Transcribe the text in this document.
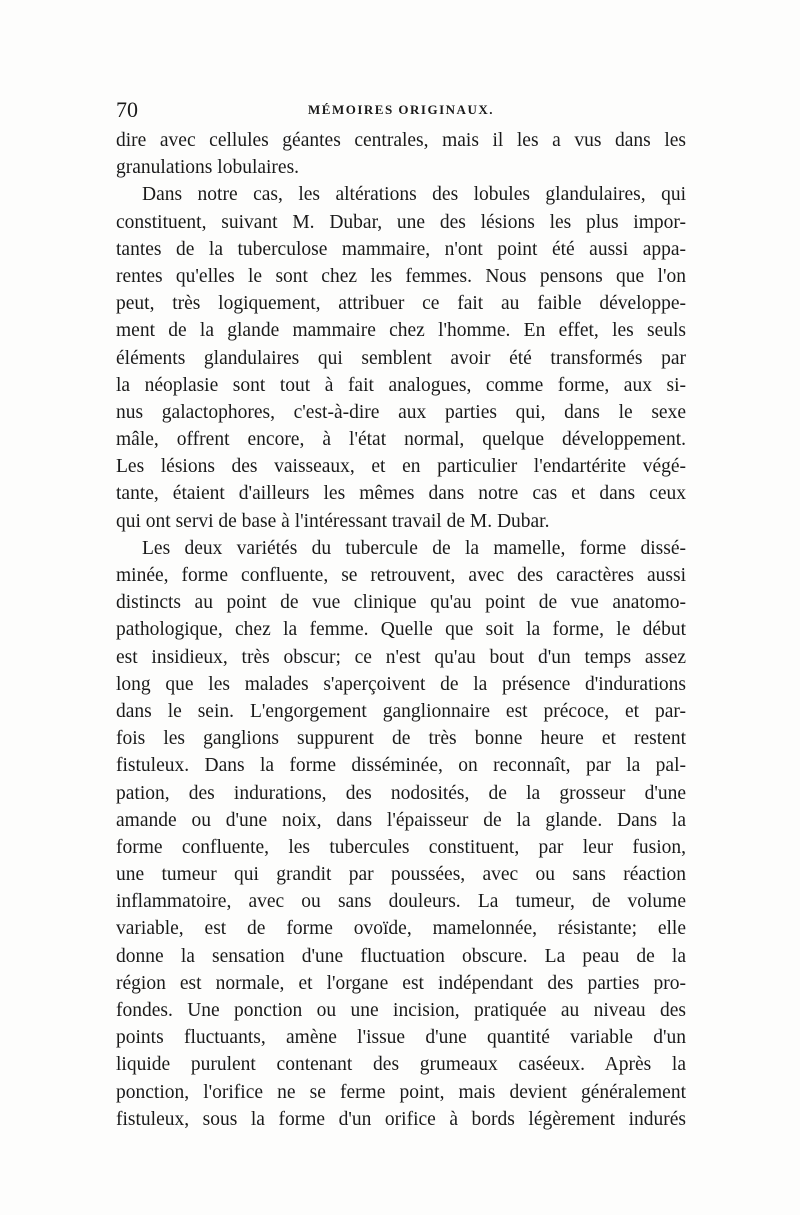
70	MÉMOIRES ORIGINAUX.
dire avec cellules géantes centrales, mais il les a vus dans les
granulations lobulaires.
Dans notre cas, les altérations des lobules glandulaires, qui
constituent, suivant M. Dubar, une des lésions les plus impor-
tantes de la tuberculose mammaire, n'ont point été aussi appa-
rentes qu'elles le sont chez les femmes. Nous pensons que l'on
peut, très logiquement, attribuer ce fait au faible développe-
ment de la glande mammaire chez l'homme. En effet, les seuls
éléments glandulaires qui semblent avoir été transformés par
la néoplasie sont tout à fait analogues, comme forme, aux si-
nus galactophores, c'est-à-dire aux parties qui, dans le sexe
mâle, offrent encore, à l'état normal, quelque développement.
Les lésions des vaisseaux, et en particulier l'endartérite végé-
tante, étaient d'ailleurs les mêmes dans notre cas et dans ceux
qui ont servi de base à l'intéressant travail de M. Dubar.
Les deux variétés du tubercule de la mamelle, forme dissé-
minée, forme confluente, se retrouvent, avec des caractères aussi
distincts au point de vue clinique qu'au point de vue anatomo-
pathologique, chez la femme. Quelle que soit la forme, le début
est insidieux, très obscur; ce n'est qu'au bout d'un temps assez
long que les malades s'aperçoivent de la présence d'indurations
dans le sein. L'engorgement ganglionnaire est précoce, et par-
fois les ganglions suppurent de très bonne heure et restent
fistuleux. Dans la forme disséminée, on reconnaît, par la pal-
pation, des indurations, des nodosités, de la grosseur d'une
amande ou d'une noix, dans l'épaisseur de la glande. Dans la
forme confluente, les tubercules constituent, par leur fusion,
une tumeur qui grandit par poussées, avec ou sans réaction
inflammatoire, avec ou sans douleurs. La tumeur, de volume
variable, est de forme ovoïde, mamelonnée, résistante; elle
donne la sensation d'une fluctuation obscure. La peau de la
région est normale, et l'organe est indépendant des parties pro-
fondes. Une ponction ou une incision, pratiquée au niveau des
points fluctuants, amène l'issue d'une quantité variable d'un
liquide purulent contenant des grumeaux caséeux. Après la
ponction, l'orifice ne se ferme point, mais devient généralement
fistuleux, sous la forme d'un orifice à bords légèrement indurés
